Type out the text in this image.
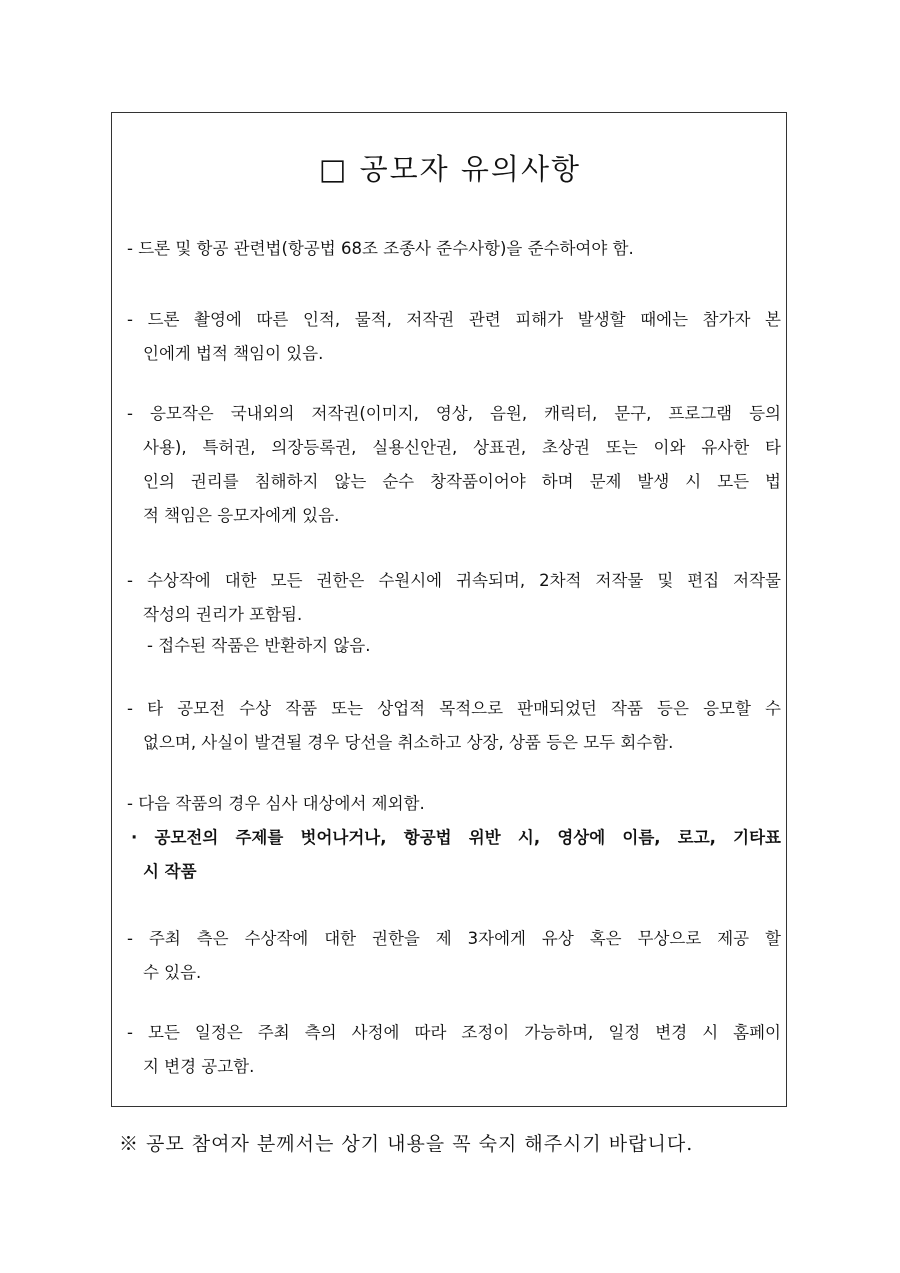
□ 공모자 유의사항
- 드론 및 항공 관련법(항공법 68조 조종사 준수사항)을 준수하여야 함.
- 드론 촬영에 따른 인적, 물적, 저작권 관련 피해가 발생할 때에는 참가자 본
인에게 법적 책임이 있음.
- 응모작은 국내외의 저작권(이미지, 영상, 음원, 캐릭터, 문구, 프로그램 등의
사용), 특허권, 의장등록권, 실용신안권, 상표권, 초상권 또는 이와 유사한 타
인의 권리를 침해하지 않는 순수 창작품이어야 하며 문제 발생 시 모든 법
적 책임은 응모자에게 있음.
- 수상작에 대한 모든 권한은 수원시에 귀속되며, 2차적 저작물 및 편집 저작물
작성의 권리가 포함됨.
- 접수된 작품은 반환하지 않음.
- 타 공모전 수상 작품 또는 상업적 목적으로 판매되었던 작품 등은 응모할 수
없으며, 사실이 발견될 경우 당선을 취소하고 상장, 상품 등은 모두 회수함.
- 다음 작품의 경우 심사 대상에서 제외함.
· 공모전의 주제를 벗어나거나, 항공법 위반 시, 영상에 이름, 로고, 기타표
시 작품
- 주최 측은 수상작에 대한 권한을 제 3자에게 유상 혹은 무상으로 제공 할
수 있음.
- 모든 일정은 주최 측의 사정에 따라 조정이 가능하며, 일정 변경 시 홈페이
지 변경 공고함.
※ 공모 참여자 분께서는 상기 내용을 꼭 숙지 해주시기 바랍니다.
